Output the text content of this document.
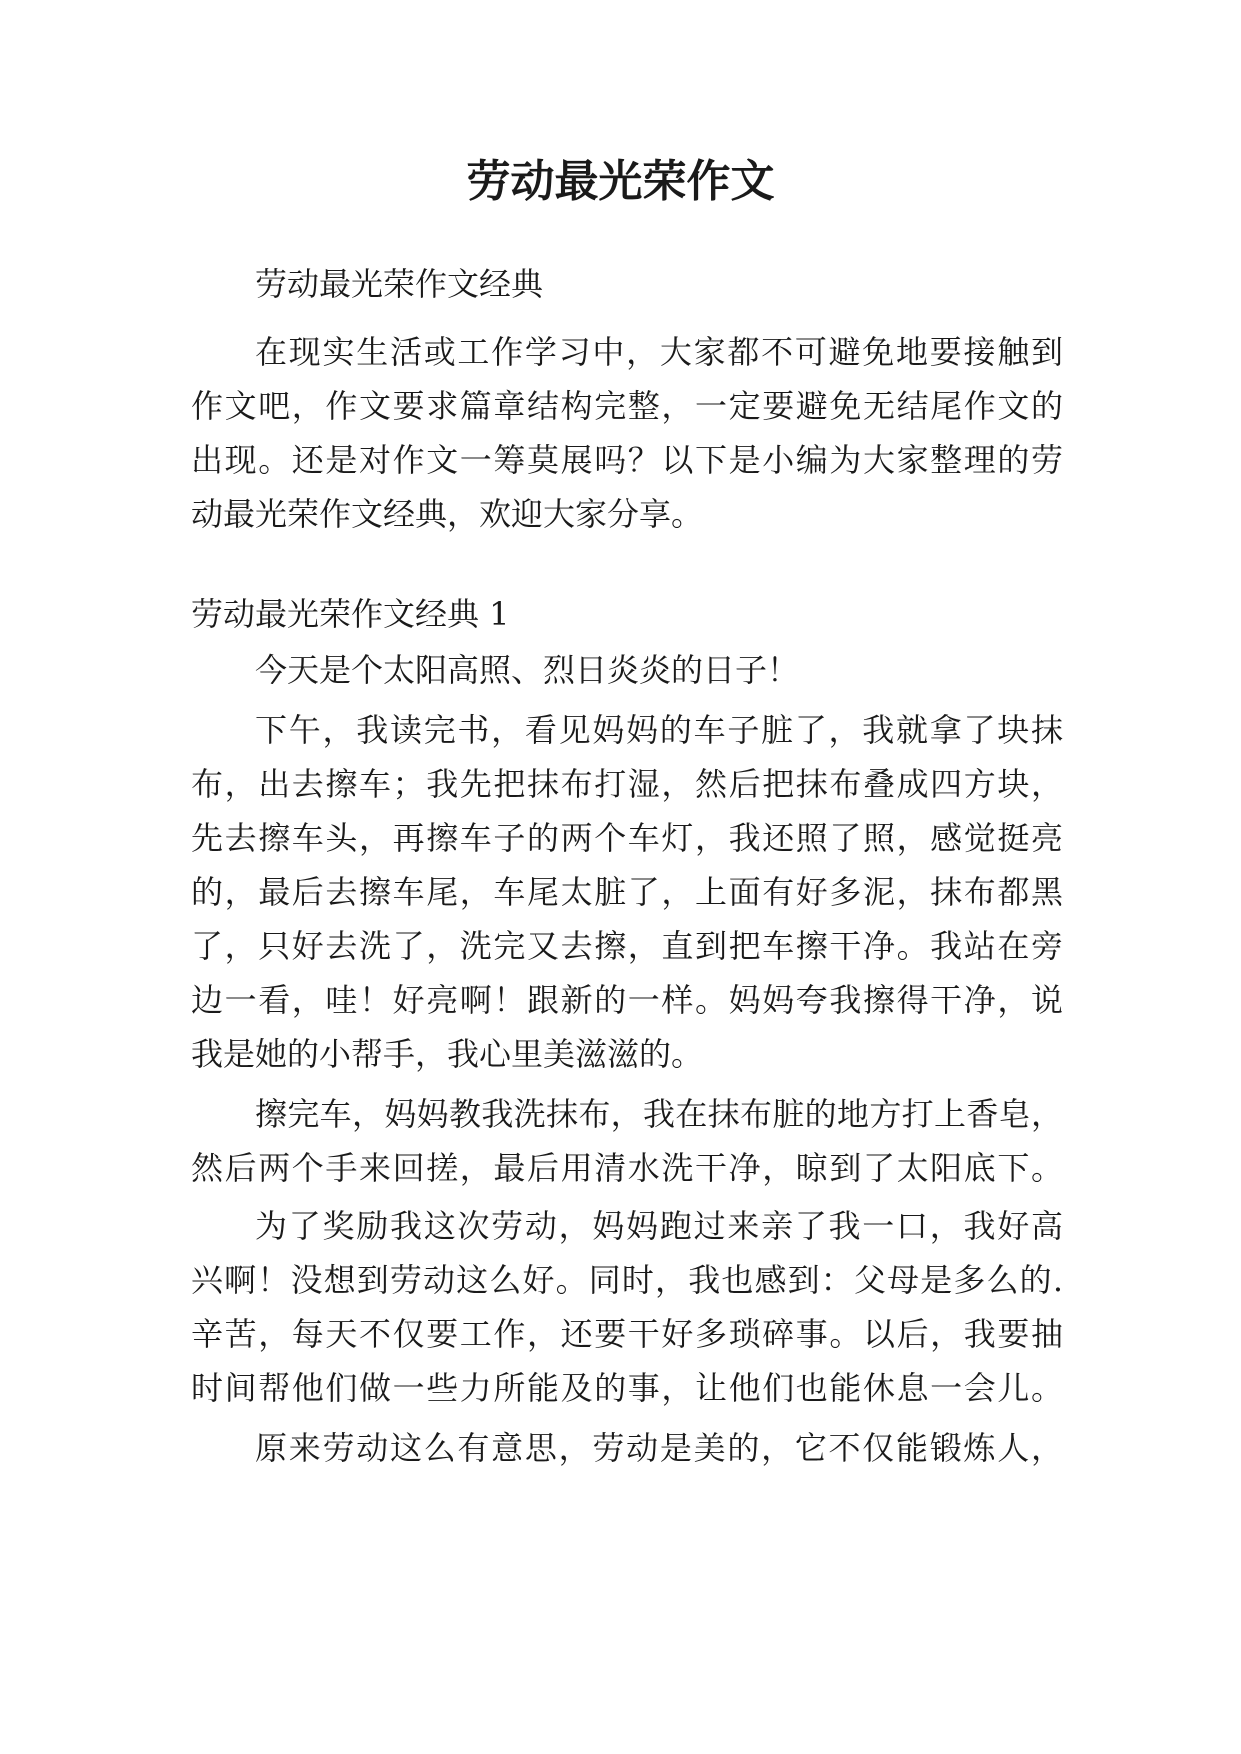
劳动最光荣作文

劳动最光荣作文经典

在现实生活或工作学习中，大家都不可避免地要接触到

作文吧，作文要求篇章结构完整，一定要避免无结尾作文的

出现。还是对作文一筹莫展吗？以下是小编为大家整理的劳

动最光荣作文经典，欢迎大家分享。

劳动最光荣作文经典 1

今天是个太阳高照、烈日炎炎的日子！

下午，我读完书，看见妈妈的车子脏了，我就拿了块抹

布，出去擦车；我先把抹布打湿，然后把抹布叠成四方块，

先去擦车头，再擦车子的两个车灯，我还照了照，感觉挺亮

的，最后去擦车尾，车尾太脏了，上面有好多泥，抹布都黑

了，只好去洗了，洗完又去擦，直到把车擦干净。我站在旁

边一看，哇！好亮啊！跟新的一样。妈妈夸我擦得干净，说

我是她的小帮手，我心里美滋滋的。

擦完车，妈妈教我洗抹布，我在抹布脏的地方打上香皂，

然后两个手来回搓，最后用清水洗干净，晾到了太阳底下。

为了奖励我这次劳动，妈妈跑过来亲了我一口，我好高

兴啊！没想到劳动这么好。同时，我也感到：父母是多么的.

辛苦，每天不仅要工作，还要干好多琐碎事。以后，我要抽

时间帮他们做一些力所能及的事，让他们也能休息一会儿。

原来劳动这么有意思，劳动是美的，它不仅能锻炼人，
